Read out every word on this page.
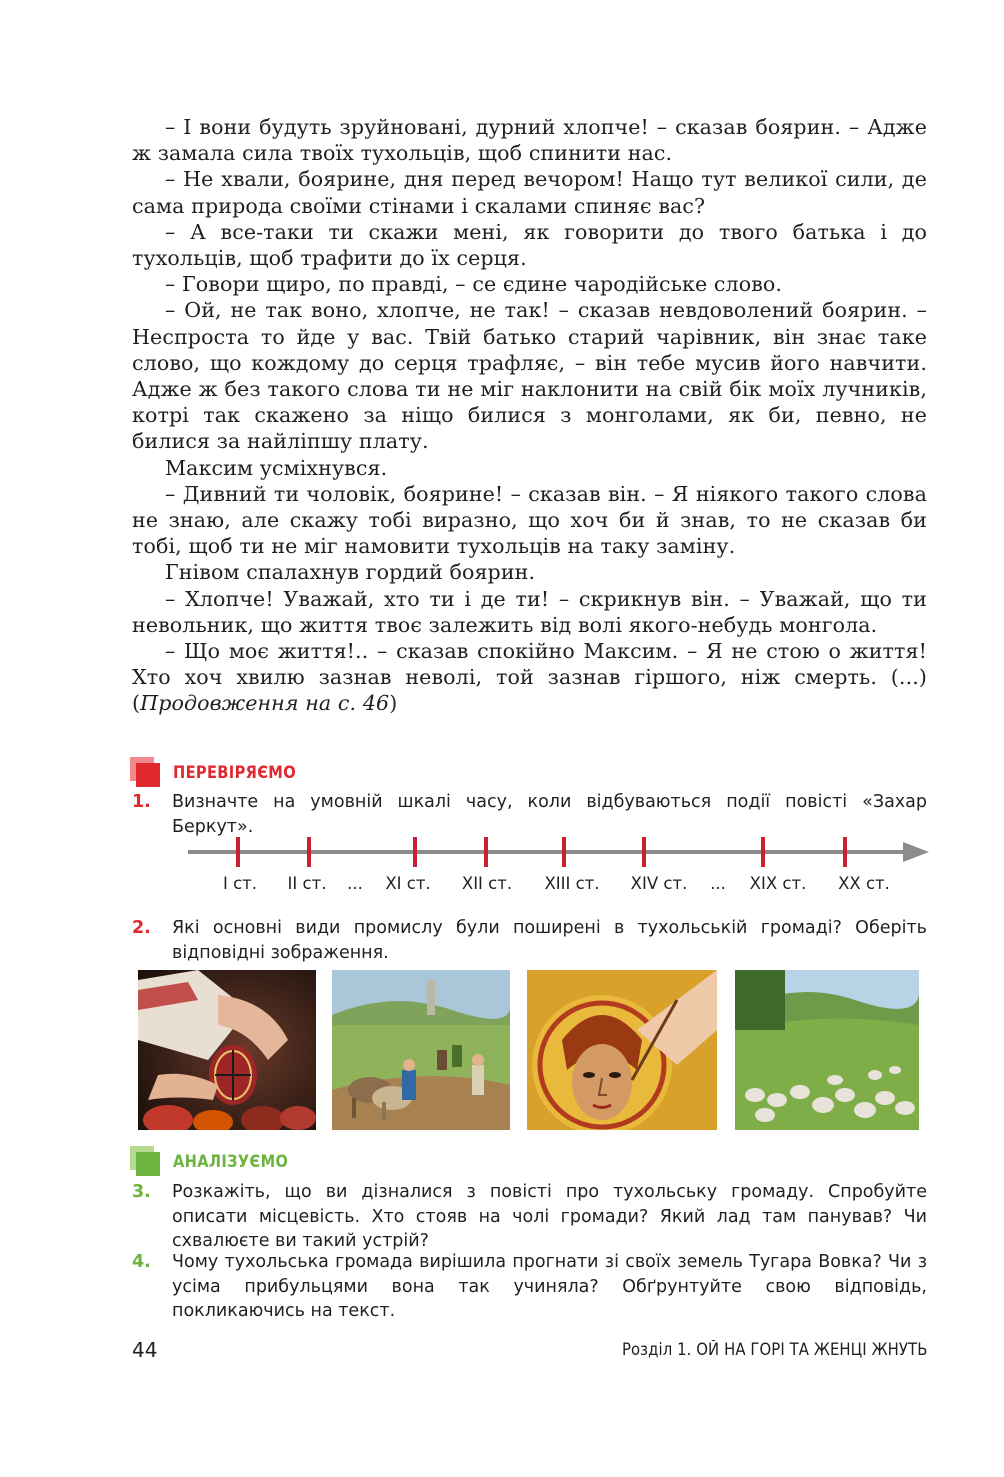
– І вони будуть зруйновані, дурний хлопче! – сказав боярин. – Адже ж замала сила твоїх тухольців, щоб спинити нас.

– Не хвали, боярине, дня перед вечором! Нащо тут великої сили, де сама природа своїми стінами і скалами спиняє вас?

– А все-таки ти скажи мені, як говорити до твого батька і до тухольців, щоб трафити до їх серця.

– Говори щиро, по правді, – се єдине чародійське слово.

– Ой, не так воно, хлопче, не так! – сказав невдоволений боярин. – Неспроста то йде у вас. Твій батько старий чарівник, він знає таке слово, що кождому до серця трафляє, – він тебе мусив його навчити. Адже ж без такого слова ти не міг наклонити на свій бік моїх лучників, котрі так скажено за ніщо билися з монголами, як би, певно, не билися за найліпшу плату.

Максим усміхнувся.

– Дивний ти чоловік, боярине! – сказав він. – Я ніякого такого слова не знаю, але скажу тобі виразно, що хоч би й знав, то не сказав би тобі, щоб ти не міг намовити тухольців на таку заміну.

Гнівом спалахнув гордий боярин.

– Хлопче! Уважай, хто ти і де ти! – скрикнув він. – Уважай, що ти невольник, що життя твоє залежить від волі якого-небудь монгола.

– Що моє життя!.. – сказав спокійно Максим. – Я не стою о життя! Хто хоч хвилю зазнав неволі, той зазнав гіршого, ніж смерть. (...) (Продовження на с. 46)

ПЕРЕВІРЯЄМО
1.	Визначте на умовній шкалі часу, коли відбуваються події повісті «Захар Беркут».
І ст. ІІ ст. ... ХІ ст. ХІІ ст. ХІІІ ст. ХІV ст. ... ХІХ ст. ХХ ст.
2.	Які основні види промислу були поширені в тухольській громаді? Оберіть відповідні зображення.
АНАЛІЗУЄМО
3.	Розкажіть, що ви дізналися з повісті про тухольську громаду. Спробуйте описати місцевість. Хто стояв на чолі громади? Який лад там панував? Чи схвалюєте ви такий устрій?
4.	Чому тухольська громада вирішила прогнати зі своїх земель Тугара Вовка? Чи з усіма прибульцями вона так учиняла? Обґрунтуйте свою відповідь, покликаючись на текст.
44	Розділ 1. ОЙ НА ГОРІ ТА ЖЕНЦІ ЖНУТЬ
